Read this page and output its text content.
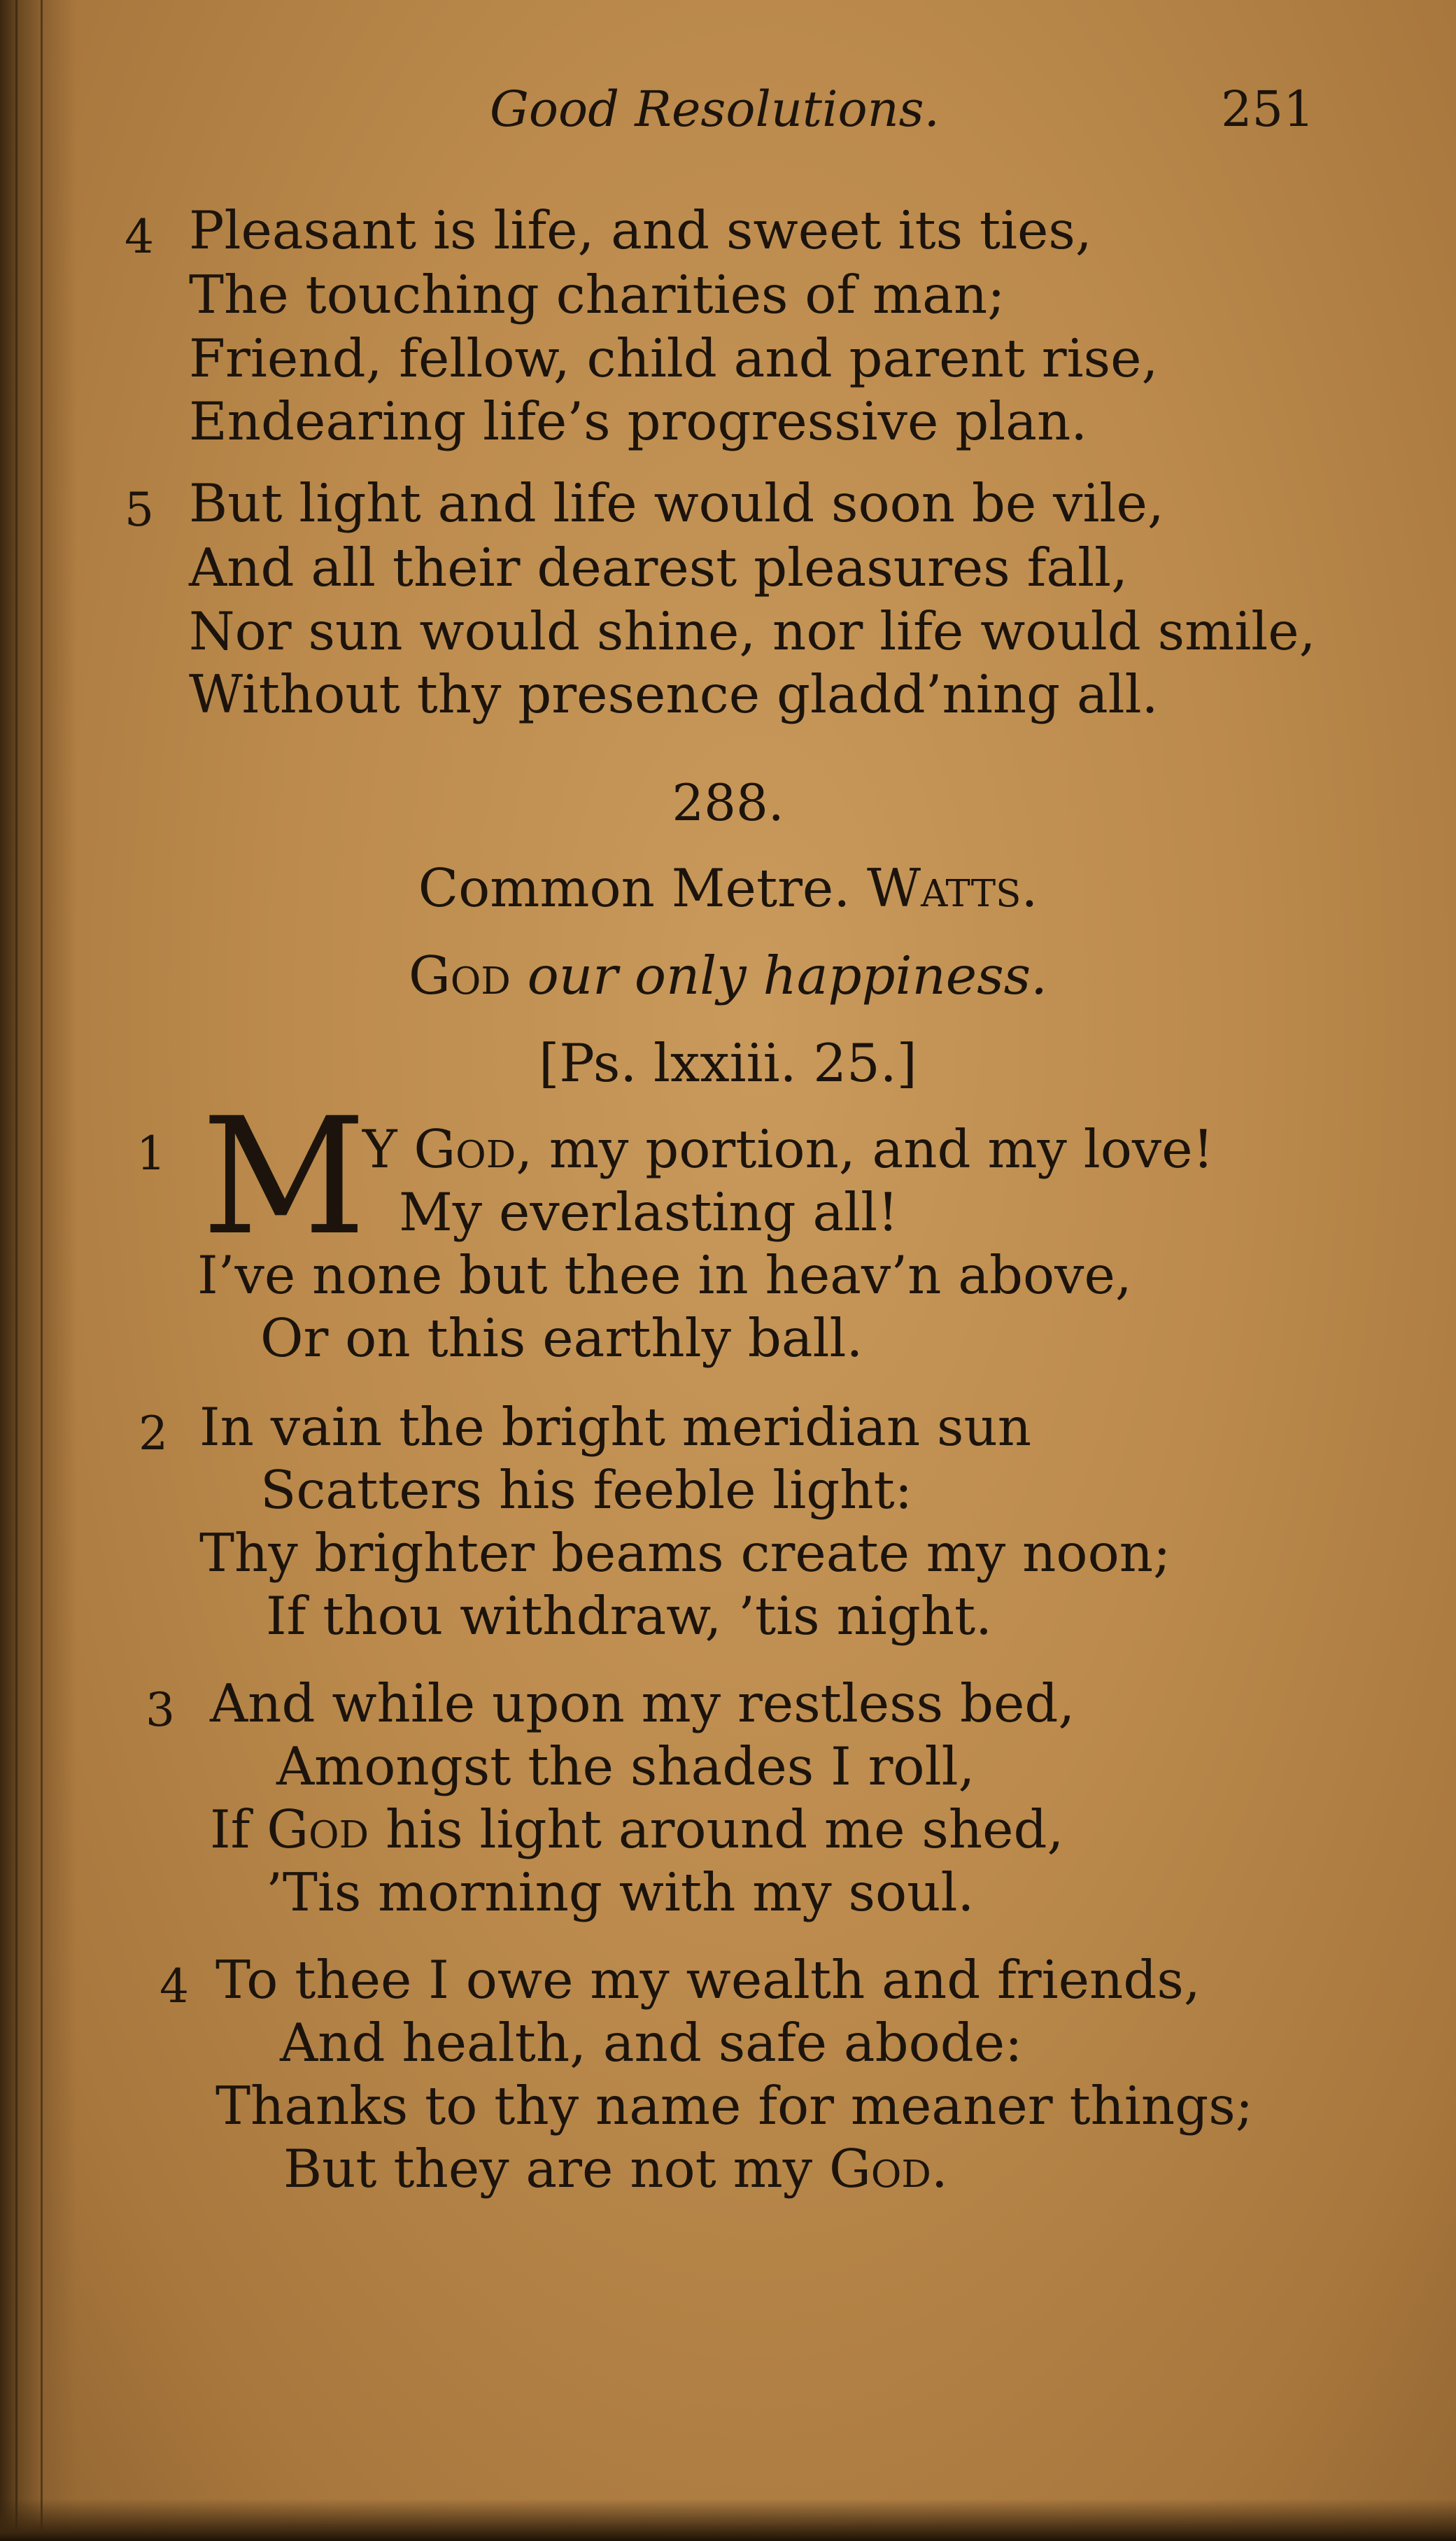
Good Resolutions.	251
4 Pleasant is life, and sweet its ties,
The touching charities of man;
Friend, fellow, child and parent rise,
Endearing life’s progressive plan.
5 But light and life would soon be vile,
And all their dearest pleasures fall,
Nor sun would shine, nor life would smile,
Without thy presence gladd’ning all.
288.
Common Metre. Watts.
God our only happiness.
[Ps. lxxiii. 25.]
1 M
Y God, my portion, and my love!
My everlasting all!
I’ve none but thee in heav’n above,
Or on this earthly ball.
2 In vain the bright meridian sun
Scatters his feeble light:
Thy brighter beams create my noon;
If thou withdraw, ’tis night.
3 And while upon my restless bed,
Amongst the shades I roll,
If God his light around me shed,
’Tis morning with my soul.
4 To thee I owe my wealth and friends,
And health, and safe abode:
Thanks to thy name for meaner things;
But they are not my God.
